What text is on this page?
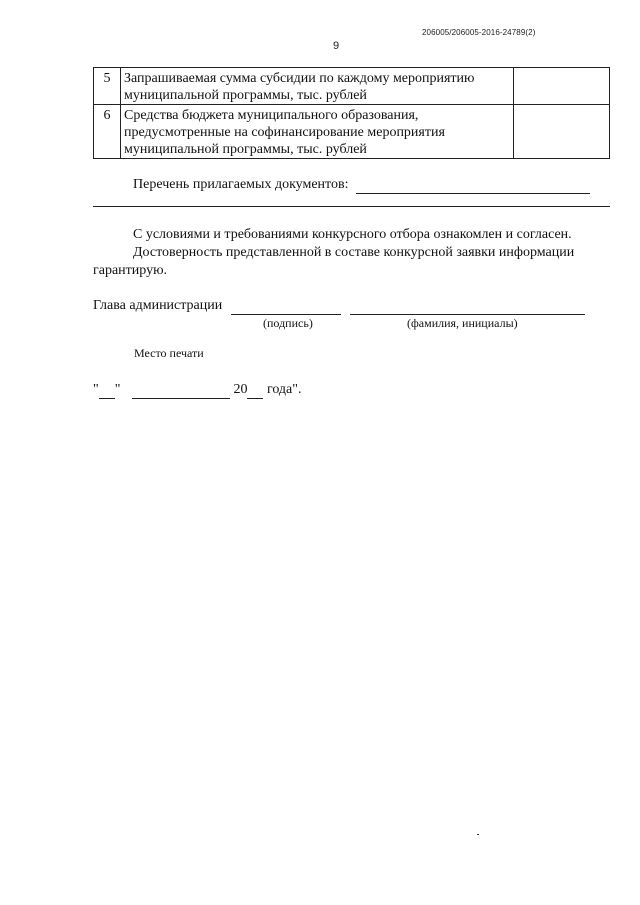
206005/206005-2016-24789(2)
9
5	Запрашиваемая сумма субсидии по каждому мероприятию
муниципальной программы, тыс. рублей	

6	Средства бюджета муниципального образования,
предусмотренные на софинансирование мероприятия
муниципальной программы, тыс. рублей	

Перечень прилагаемых документов:
С условиями и требованиями конкурсного отбора ознакомлен и согласен.
Достоверность представленной в составе конкурсной заявки информации
гарантирую.
Глава администрации
(подпись)	(фамилия, инициалы)
Место печати
" "	20 года".
